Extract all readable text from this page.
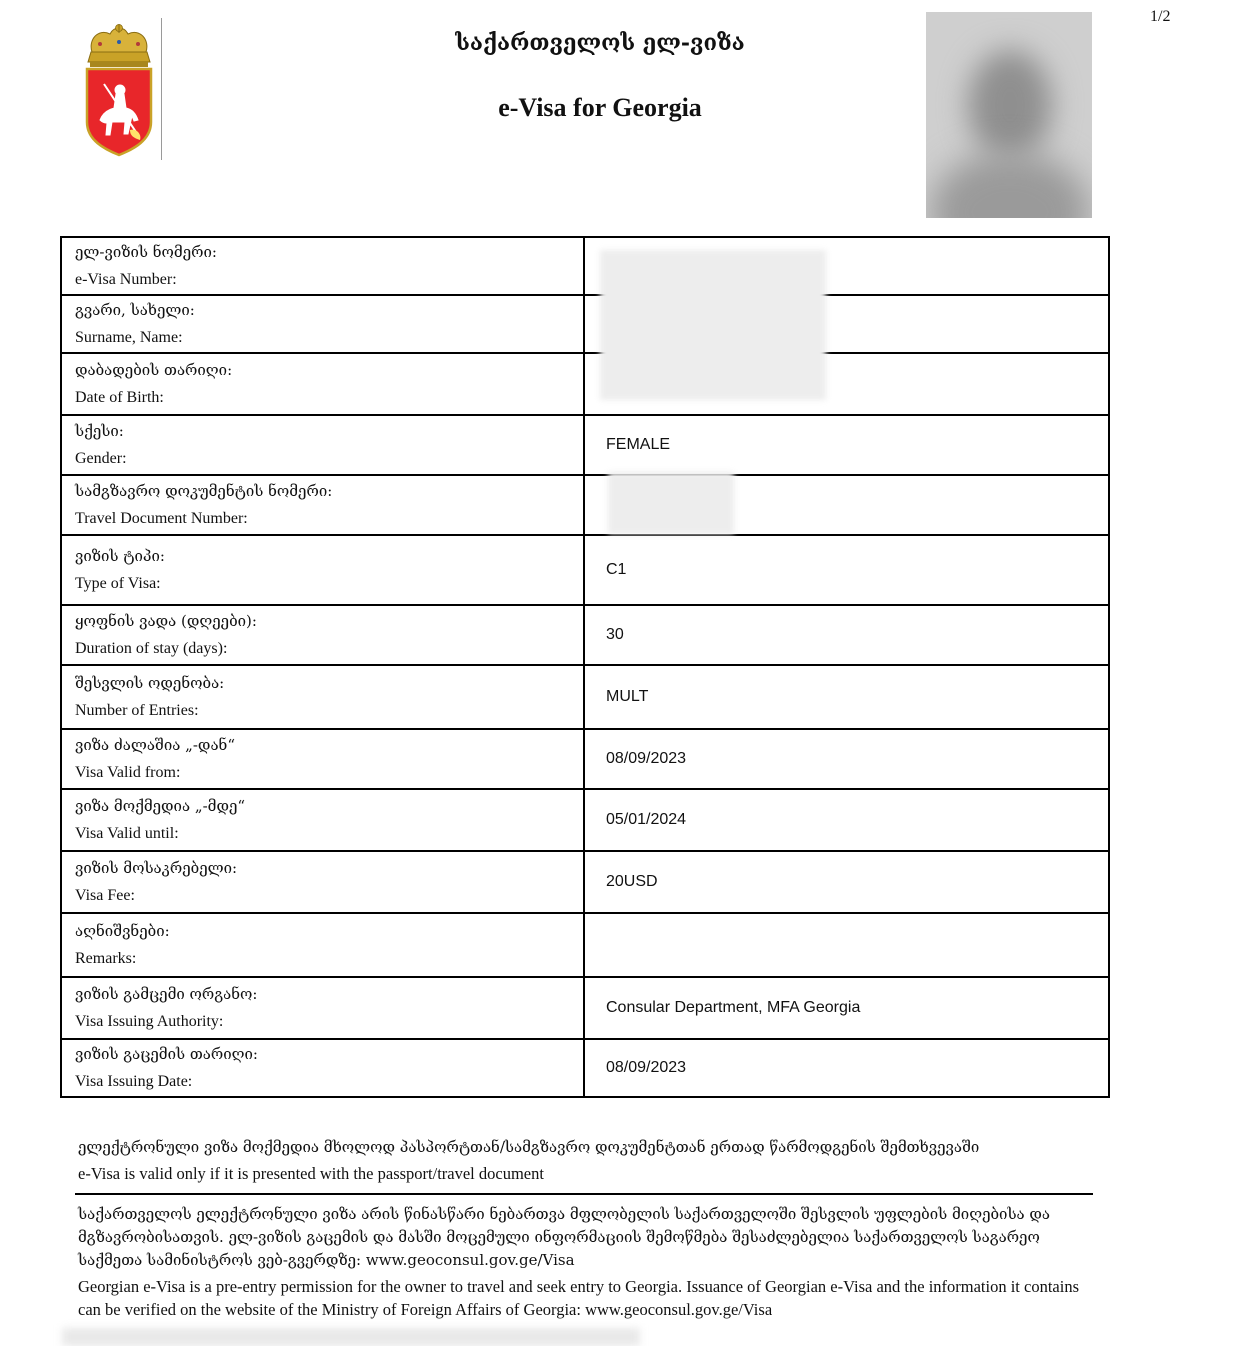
1/2
საქართველოს ელ-ვიზა
e-Visa for Georgia
ელ-ვიზის ნომერი:
e-Visa Number:	

გვარი, სახელი:
Surname, Name:	

დაბადების თარიღი:
Date of Birth:	

სქესი:
Gender:	FEMALE

სამგზავრო დოკუმენტის ნომერი:
Travel Document Number:	

ვიზის ტიპი:
Type of Visa:	C1

ყოფნის ვადა (დღეები):
Duration of stay (days):	30

შესვლის ოდენობა:
Number of Entries:	MULT

ვიზა ძალაშია „-დან“
Visa Valid from:	08/09/2023

ვიზა მოქმედია „-მდე“
Visa Valid until:	05/01/2024

ვიზის მოსაკრებელი:
Visa Fee:	20USD

აღნიშვნები:
Remarks:	

ვიზის გამცემი ორგანო:
Visa Issuing Authority:	Consular Department, MFA Georgia

ვიზის გაცემის თარიღი:
Visa Issuing Date:	08/09/2023
ელექტრონული ვიზა მოქმედია მხოლოდ პასპორტთან/სამგზავრო დოკუმენტთან ერთად წარმოდგენის შემთხვევაში
e-Visa is valid only if it is presented with the passport/travel document
საქართველოს ელექტრონული ვიზა არის წინასწარი ნებართვა მფლობელის საქართველოში შესვლის უფლების მიღებისა და მგზავრობისათვის. ელ-ვიზის გაცემის და მასში მოცემული ინფორმაციის შემოწმება შესაძლებელია საქართველოს საგარეო საქმეთა სამინისტროს ვებ-გვერდზე: www.geoconsul.gov.ge/Visa
Georgian e-Visa is a pre-entry permission for the owner to travel and seek entry to Georgia. Issuance of Georgian e-Visa and the information it contains can be verified on the website of the Ministry of Foreign Affairs of Georgia: www.geoconsul.gov.ge/Visa
